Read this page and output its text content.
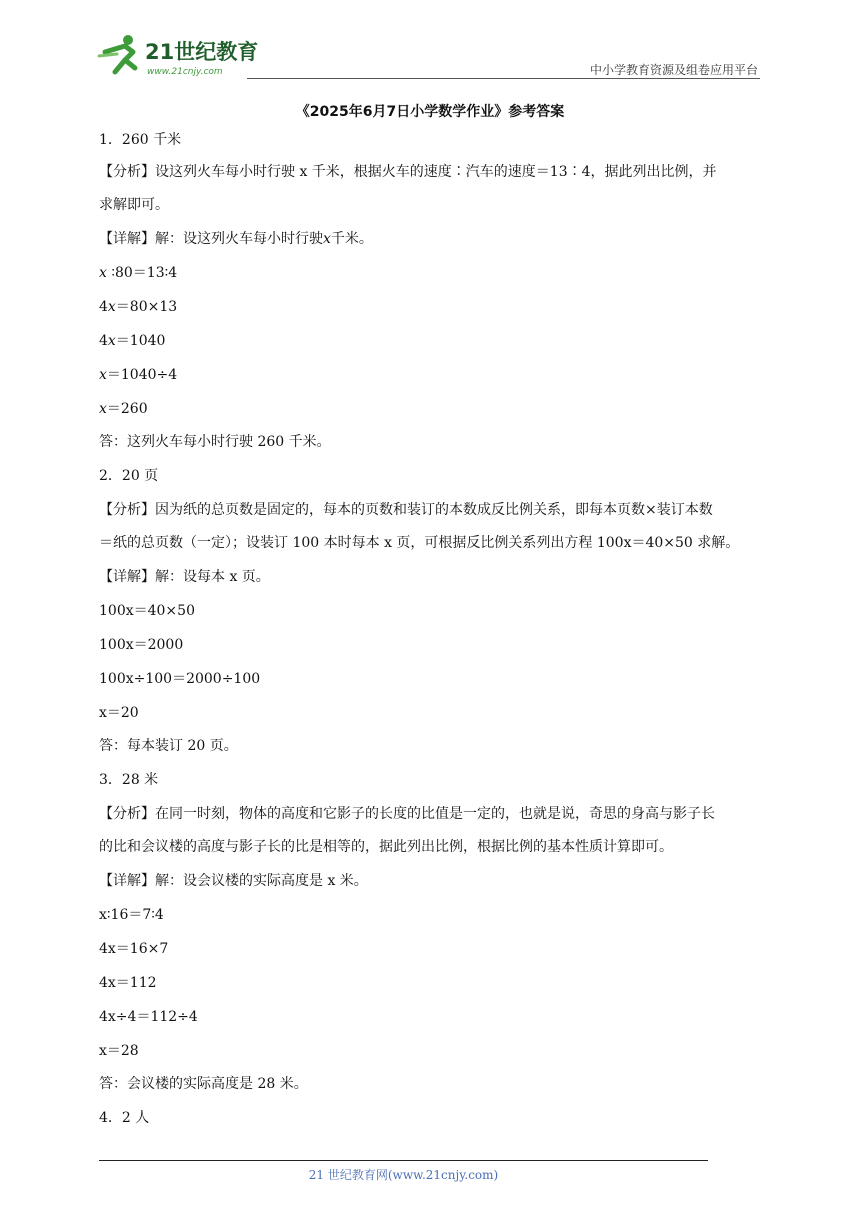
21世纪教育
www.21cnjy.com	中小学教育资源及组卷应用平台
《2025年6月7日小学数学作业》参考答案
1．260 千米
【分析】设这列火车每小时行驶 x 千米，根据火车的速度∶汽车的速度＝13∶4，据此列出比例，并
求解即可。
【详解】解：设这列火车每小时行驶𝑥千米。
𝑥 ∶80＝13∶4
4𝑥＝80×13
4𝑥＝1040
𝑥＝1040÷4
𝑥＝260
答：这列火车每小时行驶 260 千米。
2．20 页
【分析】因为纸的总页数是固定的，每本的页数和装订的本数成反比例关系，即每本页数×装订本数
＝纸的总页数（一定）；设装订 100 本时每本 x 页，可根据反比例关系列出方程 100x＝40×50 求解。
【详解】解：设每本 x 页。
100x＝40×50
100x＝2000
100x÷100＝2000÷100
x＝20
答：每本装订 20 页。
3．28 米
【分析】在同一时刻，物体的高度和它影子的长度的比值是一定的，也就是说，奇思的身高与影子长
的比和会议楼的高度与影子长的比是相等的，据此列出比例，根据比例的基本性质计算即可。
【详解】解：设会议楼的实际高度是 x 米。
x∶16＝7∶4
4x＝16×7
4x＝112
4x÷4＝112÷4
x＝28
答：会议楼的实际高度是 28 米。
4．2 人
21 世纪教育网(www.21cnjy.com)
